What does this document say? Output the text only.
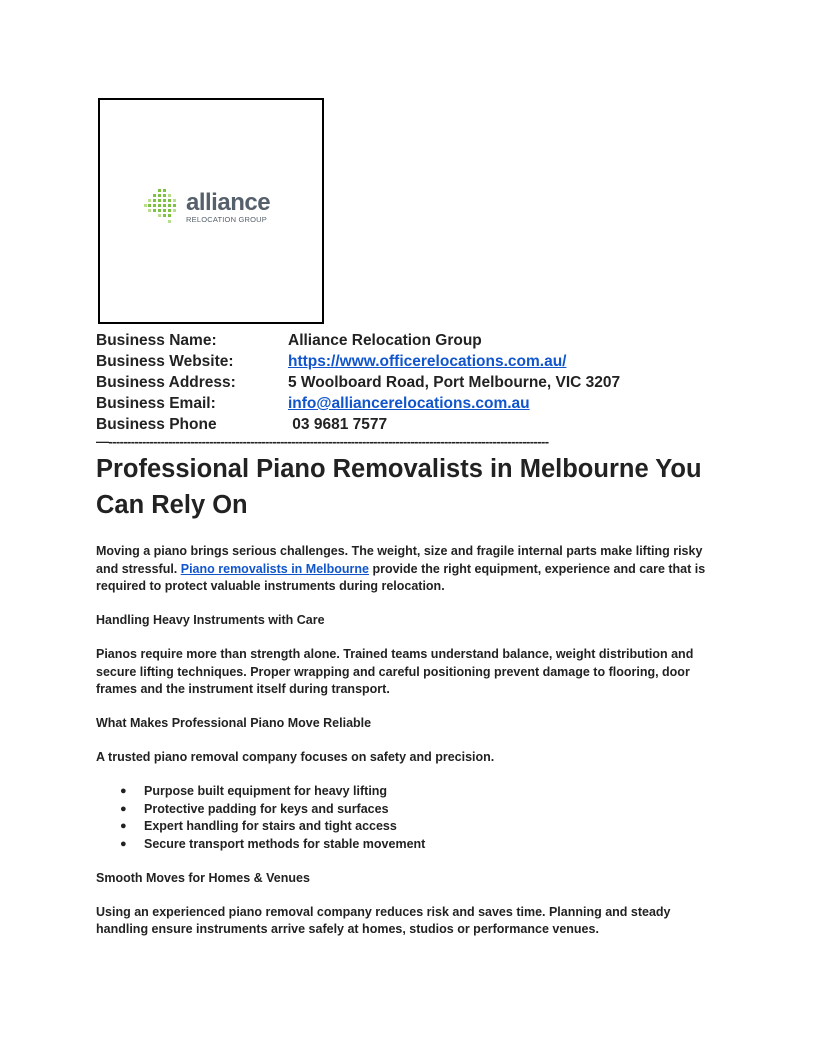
alliance
RELOCATION GROUP
Business Name:	Alliance Relocation Group
Business Website:	https://www.officerelocations.com.au/
Business Address:	5 Woolboard Road, Port Melbourne, VIC 3207
Business Email:	info@alliancerelocations.com.au
Business Phone	03 9681 7577
—----------------------------------------------------------------------------------------------------------------------
Professional Piano Removalists in Melbourne You Can Rely On

Moving a piano brings serious challenges. The weight, size and fragile internal parts make lifting risky and stressful. Piano removalists in Melbourne provide the right equipment, experience and care that is required to protect valuable instruments during relocation.

Handling Heavy Instruments with Care

Pianos require more than strength alone. Trained teams understand balance, weight distribution and secure lifting techniques. Proper wrapping and careful positioning prevent damage to flooring, door frames and the instrument itself during transport.

What Makes Professional Piano Move Reliable

A trusted piano removal company focuses on safety and precision.

● Purpose built equipment for heavy lifting
● Protective padding for keys and surfaces
● Expert handling for stairs and tight access
● Secure transport methods for stable movement

Smooth Moves for Homes & Venues

Using an experienced piano removal company reduces risk and saves time. Planning and steady handling ensure instruments arrive safely at homes, studios or performance venues.
